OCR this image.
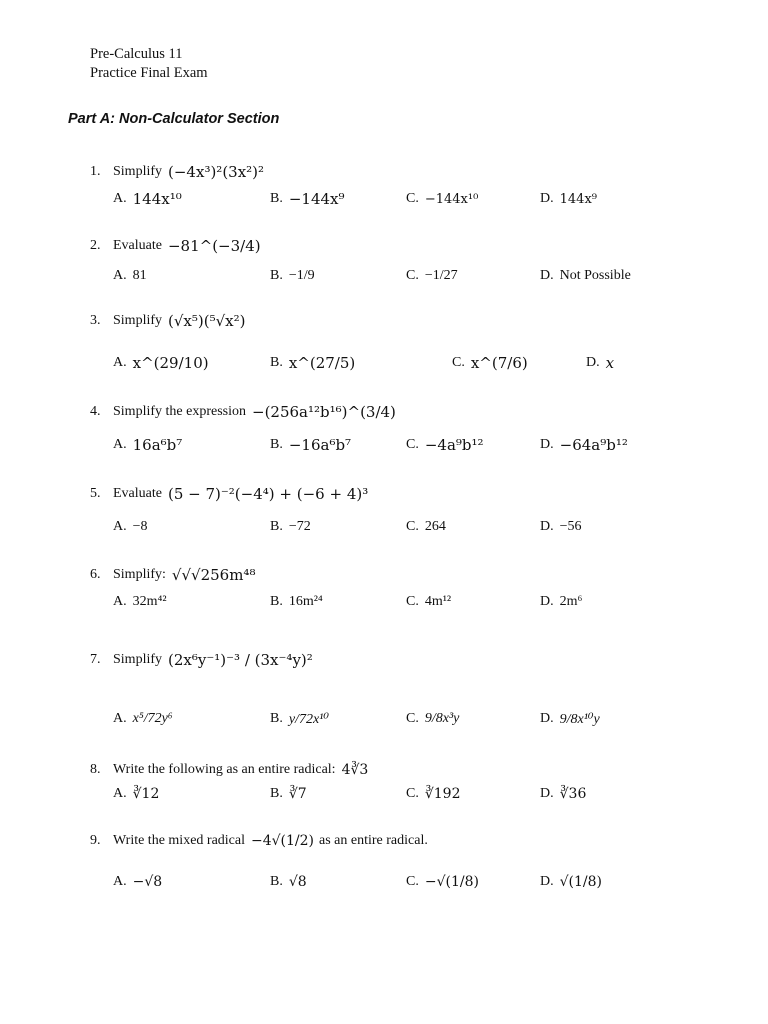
Pre-Calculus 11
Practice Final Exam
Part A: Non-Calculator Section
1. Simplify (−4x³)²(3x²)²
A. 144x¹⁰	B. −144x⁹	C. −144x¹⁰	D. 144x⁹
2. Evaluate −81^(−3/4)
A. 81	B. −1/9	C. −1/27	D. Not Possible
3. Simplify (√x⁵)(⁵√x²)
A. x^(29/10)	B. x^(27/5)	C. x^(7/6)	D. x
4. Simplify the expression −(256a¹²b¹⁶)^(3/4)
A. 16a⁶b⁷	B. −16a⁶b⁷	C. −4a⁹b¹²	D. −64a⁹b¹²
5. Evaluate (5 − 7)⁻²(−4⁴) + (−6 + 4)³
A. −8	B. −72	C. 264	D. −56
6. Simplify: √√√256m⁴⁸
A. 32m⁴²	B. 16m²⁴	C. 4m¹²	D. 2m⁶
7. Simplify (2x⁶y⁻¹)⁻³ / (3x⁻⁴y)²
A. x⁵/72y⁶	B. y/72x¹⁰	C. 9/8x³y	D. 9/8x¹⁰y
8. Write the following as an entire radical: 4∛3
A. ∛12	B. ∛7	C. ∛192	D. ∛36
9. Write the mixed radical −4√(1/2) as an entire radical.
A. −√8	B. √8	C. −√(1/8)	D. √(1/8)
